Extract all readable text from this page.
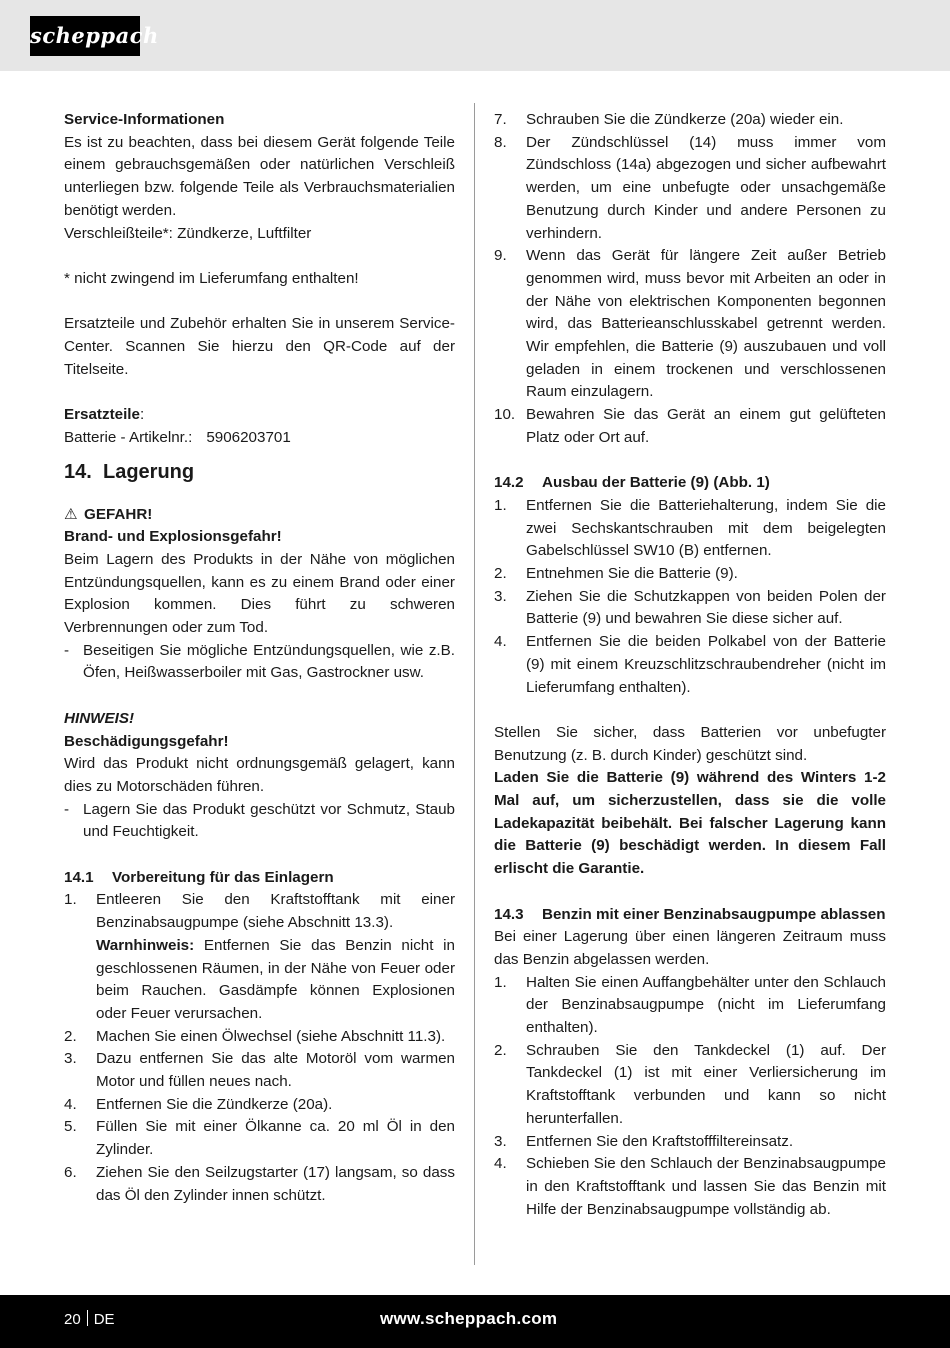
scheppach

Service-Informationen

Es ist zu beachten, dass bei diesem Gerät folgende Teile einem gebrauchsgemäßen oder natürlichen Verschleiß unterliegen bzw. folgende Teile als Verbrauchsmaterialien benötigt werden.

Verschleißteile*: Zündkerze, Luftfilter

* nicht zwingend im Lieferumfang enthalten!

Ersatzteile und Zubehör erhalten Sie in unserem Service-Center. Scannen Sie hierzu den QR-Code auf der Titelseite.

Ersatzteile:

Batterie - Artikelnr.: 5906203701

14. Lagerung

⚠ GEFAHR!

Brand- und Explosionsgefahr!

Beim Lagern des Produkts in der Nähe von möglichen Entzündungsquellen, kann es zu einem Brand oder einer Explosion kommen. Dies führt zu schweren Verbrennungen oder zum Tod.

- Beseitigen Sie mögliche Entzündungsquellen, wie z.B. Öfen, Heißwasserboiler mit Gas, Gastrockner usw.

HINWEIS!

Beschädigungsgefahr!

Wird das Produkt nicht ordnungsgemäß gelagert, kann dies zu Motorschäden führen.

- Lagern Sie das Produkt geschützt vor Schmutz, Staub und Feuchtigkeit.
14.1	Vorbereitung für das Einlagern
1.	Entleeren Sie den Kraftstofftank mit einer Benzinabsaugpumpe (siehe Abschnitt 13.3).
Warnhinweis: Entfernen Sie das Benzin nicht in geschlossenen Räumen, in der Nähe von Feuer oder beim Rauchen. Gasdämpfe können Explosionen oder Feuer verursachen.
2.	Machen Sie einen Ölwechsel (siehe Abschnitt 11.3).
3.	Dazu entfernen Sie das alte Motoröl vom warmen Motor und füllen neues nach.
4.	Entfernen Sie die Zündkerze (20a).
5.	Füllen Sie mit einer Ölkanne ca. 20 ml Öl in den Zylinder.
6.	Ziehen Sie den Seilzugstarter (17) langsam, so dass das Öl den Zylinder innen schützt.
7.	Schrauben Sie die Zündkerze (20a) wieder ein.
8.	Der Zündschlüssel (14) muss immer vom Zündschloss (14a) abgezogen und sicher aufbewahrt werden, um eine unbefugte oder unsachgemäße Benutzung durch Kinder und andere Personen zu verhindern.
9.	Wenn das Gerät für längere Zeit außer Betrieb genommen wird, muss bevor mit Arbeiten an oder in der Nähe von elektrischen Komponenten begonnen wird, das Batterieanschlusskabel getrennt werden. Wir empfehlen, die Batterie (9) auszubauen und voll geladen in einem trockenen und verschlossenen Raum einzulagern.
10. Bewahren Sie das Gerät an einem gut gelüfteten Platz oder Ort auf.
14.2	Ausbau der Batterie (9) (Abb. 1)
1.	Entfernen Sie die Batteriehalterung, indem Sie die zwei Sechskantschrauben mit dem beigelegten Gabelschlüssel SW10 (B) entfernen.
2.	Entnehmen Sie die Batterie (9).
3.	Ziehen Sie die Schutzkappen von beiden Polen der Batterie (9) und bewahren Sie diese sicher auf.
4.	Entfernen Sie die beiden Polkabel von der Batterie (9) mit einem Kreuzschlitzschraubendreher (nicht im Lieferumfang enthalten).

Stellen Sie sicher, dass Batterien vor unbefugter Benutzung (z. B. durch Kinder) geschützt sind.

Laden Sie die Batterie (9) während des Winters 1-2 Mal auf, um sicherzustellen, dass sie die volle Ladekapazität beibehält. Bei falscher Lagerung kann die Batterie (9) beschädigt werden. In diesem Fall erlischt die Garantie.

14.3	Benzin mit einer Benzinabsaugpumpe ablassen

Bei einer Lagerung über einen längeren Zeitraum muss das Benzin abgelassen werden.

1.	Halten Sie einen Auffangbehälter unter den Schlauch der Benzinabsaugpumpe (nicht im Lieferumfang enthalten).
2.	Schrauben Sie den Tankdeckel (1) auf. Der Tankdeckel (1) ist mit einer Verliersicherung im Kraftstofftank verbunden und kann so nicht herunterfallen.
3.	Entfernen Sie den Kraftstofffiltereinsatz.
4.	Schieben Sie den Schlauch der Benzinabsaugpumpe in den Kraftstofftank und lassen Sie das Benzin mit Hilfe der Benzinabsaugpumpe vollständig ab.
20 DE	www.scheppach.com
